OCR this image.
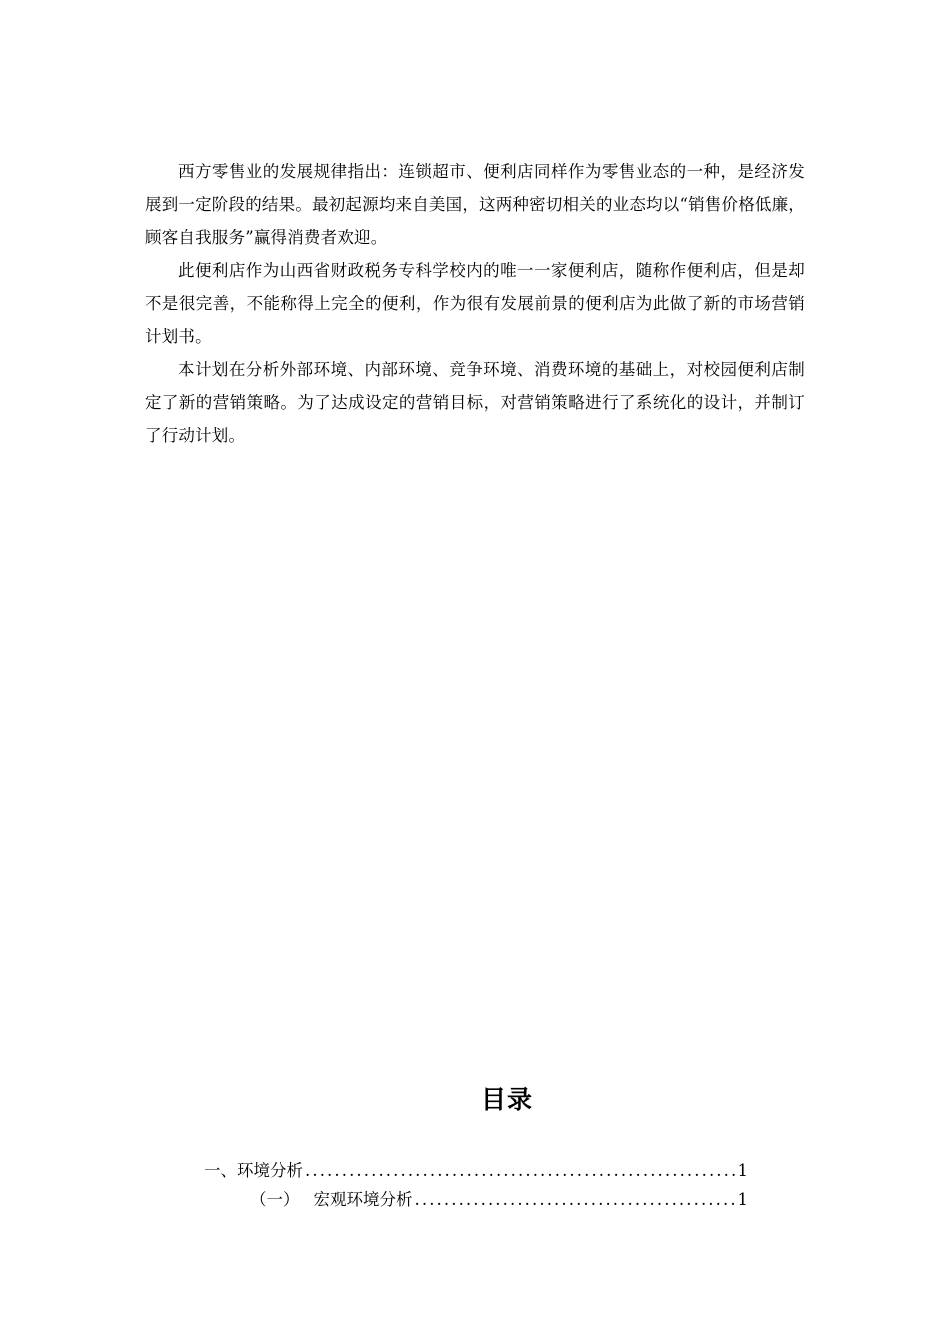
西方零售业的发展规律指出：连锁超市、便利店同样作为零售业态的一种，是经济发展到一定阶段的结果。最初起源均来自美国，这两种密切相关的业态均以“销售价格低廉，顾客自我服务”赢得消费者欢迎。

此便利店作为山西省财政税务专科学校内的唯一一家便利店，随称作便利店，但是却不是很完善，不能称得上完全的便利，作为很有发展前景的便利店为此做了新的市场营销计划书。

本计划在分析外部环境、内部环境、竞争环境、消费环境的基础上，对校园便利店制定了新的营销策略。为了达成设定的营销目标，对营销策略进行了系统化的设计，并制订了行动计划。

目录
一、环境分析 .....	1
（一） 宏观环境分析 .....	1
